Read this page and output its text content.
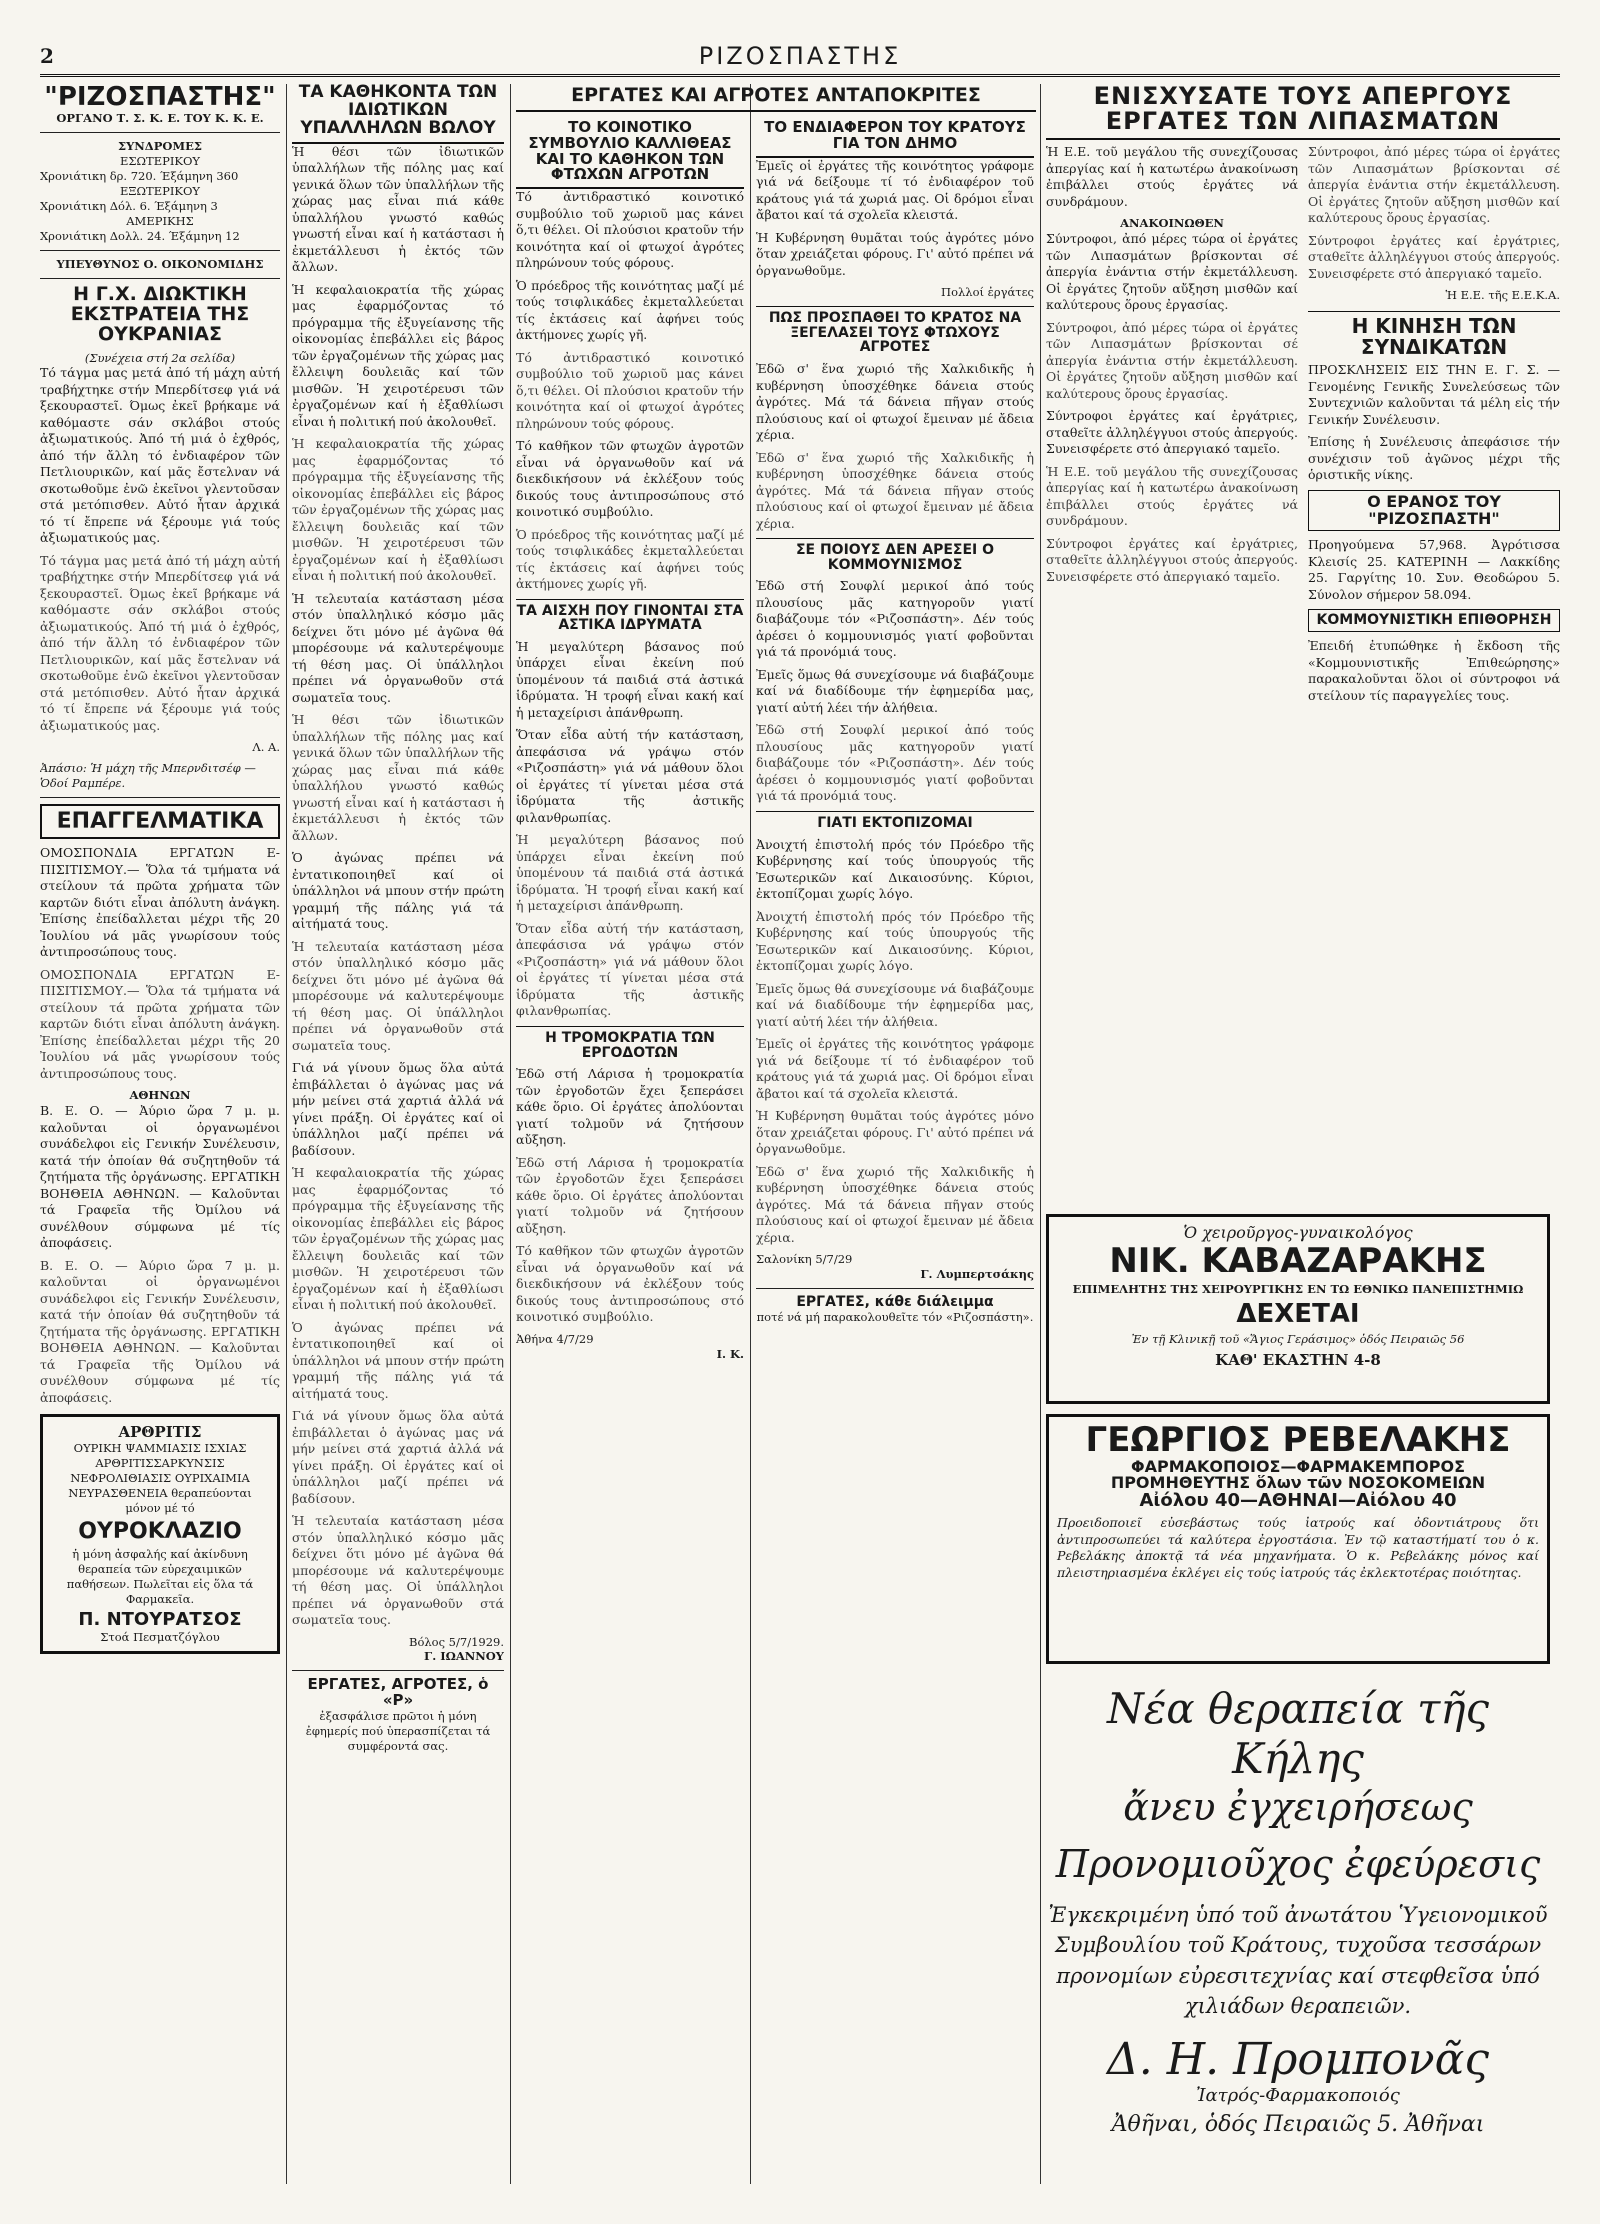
2	ΡΙΖΟΣΠΑΣΤΗΣ
"ΡΙΖΟΣΠΑΣΤΗΣ"
ΟΡΓΑΝΟ Τ. Σ. Κ. Ε. ΤΟΥ Κ. Κ. Ε.
ΣΥΝΔΡΟΜΕΣ
ΕΣΩΤΕΡΙΚΟΥ
Χρονιάτικη δρ. 720. Έξάμηνη 360
ΕΞΩΤΕΡΙΚΟΥ
Χρονιάτικη Δόλ. 6. Έξάμηνη 3
ΑΜΕΡΙΚΗΣ
Χρονιάτικη Δολλ. 24. Έξάμηνη 12
ΥΠΕΥΘΥΝΟΣ Ο. ΟΙΚΟΝΟΜΙΔΗΣ
Η Γ.Χ. ΔΙΩΚΤΙΚΗ ΕΚΣΤΡΑΤΕΙΑ ΤΗΣ ΟΥΚΡΑΝΙΑΣ
(Συνέχεια στή 2α σελίδα)

Τό τάγμα μας μετά ἀπό τή μάχη αὐτή τραβήχτηκε στήν Μπερδίτσεφ γιά νά ξεκουραστεῖ. Όμως ἐκεῖ βρήκαμε νά καθόμαστε σάν σκλάβοι στούς ἀξιωματικούς. Ἀπό τή μιά ὁ ἐχθρός, ἀπό τήν ἄλλη τό ἐνδιαφέρον τῶν Πετλιουρικῶν, καί μᾶς ἔστελναν νά σκοτωθοῦμε ἐνῶ ἐκεῖνοι γλεντοῦσαν στά μετόπισθεν. Αὐτό ἦταν ἀρχικά τό τί ἔπρεπε νά ξέρουμε γιά τούς ἀξιωματικούς μας.

Τό τάγμα μας μετά ἀπό τή μάχη αὐτή τραβήχτηκε στήν Μπερδίτσεφ γιά νά ξεκουραστεῖ. Όμως ἐκεῖ βρήκαμε νά καθόμαστε σάν σκλάβοι στούς ἀξιωματικούς. Ἀπό τή μιά ὁ ἐχθρός, ἀπό τήν ἄλλη τό ἐνδιαφέρον τῶν Πετλιουρικῶν, καί μᾶς ἔστελναν νά σκοτωθοῦμε ἐνῶ ἐκεῖνοι γλεντοῦσαν στά μετόπισθεν. Αὐτό ἦταν ἀρχικά τό τί ἔπρεπε νά ξέρουμε γιά τούς ἀξιωματικούς μας.

Λ. Α.
Ἀπάσιο: Ἡ μάχη τῆς Μπερνδιτσέφ — Ὁδοί Ραμπέρε.
ΕΠΑΓΓΕΛΜΑΤΙΚΑ

ΟΜΟΣΠΟΝΔΙΑ ΕΡΓΑΤΩΝ Ε-ΠΙΣΙΤΙΣΜΟΥ.— Ὅλα τά τμήματα νά στείλουν τά πρῶτα χρήματα τῶν καρτῶν διότι εἶναι ἀπόλυτη ἀνάγκη. Ἐπίσης ἐπείδαλλεται μέχρι τῆς 20 Ἰουλίου νά μᾶς γνωρίσουν τούς ἀντιπροσώπους τους.

ΟΜΟΣΠΟΝΔΙΑ ΕΡΓΑΤΩΝ Ε-ΠΙΣΙΤΙΣΜΟΥ.— Ὅλα τά τμήματα νά στείλουν τά πρῶτα χρήματα τῶν καρτῶν διότι εἶναι ἀπόλυτη ἀνάγκη. Ἐπίσης ἐπείδαλλεται μέχρι τῆς 20 Ἰουλίου νά μᾶς γνωρίσουν τούς ἀντιπροσώπους τους.

ΑΘΗΝΩΝ

Β. Ε. Ο. — Ἀύριο ὥρα 7 μ. μ. καλοῦνται οἱ ὀργανωμένοι συνάδελφοι εἰς Γενικήν Συνέλευσιν, κατά τήν ὁποίαν θά συζητηθοῦν τά ζητήματα τῆς ὀργάνωσης. ΕΡΓΑΤΙΚΗ ΒΟΗΘΕΙΑ ΑΘΗΝΩΝ. — Καλοῦνται τά Γραφεῖα τῆς Ὀμίλου νά συνέλθουν σύμφωνα μέ τίς ἀποφάσεις.

Β. Ε. Ο. — Ἀύριο ὥρα 7 μ. μ. καλοῦνται οἱ ὀργανωμένοι συνάδελφοι εἰς Γενικήν Συνέλευσιν, κατά τήν ὁποίαν θά συζητηθοῦν τά ζητήματα τῆς ὀργάνωσης. ΕΡΓΑΤΙΚΗ ΒΟΗΘΕΙΑ ΑΘΗΝΩΝ. — Καλοῦνται τά Γραφεῖα τῆς Ὀμίλου νά συνέλθουν σύμφωνα μέ τίς ἀποφάσεις.

ΑΡΘΡΙΤΙΣ
ΟΥΡΙΚΗ ΨΑΜΜΙΑΣΙΣ ΙΣΧΙΑΣ ΑΡΘΡΙΤΙΣΣΑΡΚΥΝΣΙΣ ΝΕΦΡΟΛΙΘΙΑΣΙΣ ΟΥΡΙΧΑΙΜΙΑ ΝΕΥΡΑΣΘΕΝΕΙΑ θεραπεύονται μόνον μέ τό
ΟΥΡΟΚΛΑΖΙΟ
ἡ μόνη ἀσφαλής καί ἀκίνδυνη θεραπεία τῶν εὐρεχαιμικῶν παθήσεων. Πωλεῖται εἰς ὅλα τά Φαρμακεῖα.
Π. ΝΤΟΥΡΑΤΣΟΣ
Στοά Πεσματζόγλου
ΤΑ ΚΑΘΗΚΟΝΤΑ ΤΩΝ ΙΔΙΩΤΙΚΩΝ ΥΠΑΛΛΗΛΩΝ ΒΩΛΟΥ

Ἡ θέσι τῶν ἰδιωτικῶν ὑπαλλήλων τῆς πόλης μας καί γενικά ὅλων τῶν ὑπαλλήλων τῆς χώρας μας εἶναι πιά κάθε ὑπαλλήλου γνωστό καθώς γνωστή εἶναι καί ἡ κατάστασι ἡ ἐκμετάλλευσι ἡ ἐκτός τῶν ἄλλων.

Ἡ κεφαλαιοκρατία τῆς χώρας μας ἐφαρμόζοντας τό πρόγραμμα τῆς ἐξυγείανσης τῆς οἰκονομίας ἐπεβάλλει εἰς βάρος τῶν ἐργαζομένων τῆς χώρας μας ἔλλειψη δουλειᾶς καί τῶν μισθῶν. Ἡ χειροτέρευσι τῶν ἐργαζομένων καί ἡ ἐξαθλίωσι εἶναι ἡ πολιτική πού ἀκολουθεῖ.

Ἡ κεφαλαιοκρατία τῆς χώρας μας ἐφαρμόζοντας τό πρόγραμμα τῆς ἐξυγείανσης τῆς οἰκονομίας ἐπεβάλλει εἰς βάρος τῶν ἐργαζομένων τῆς χώρας μας ἔλλειψη δουλειᾶς καί τῶν μισθῶν. Ἡ χειροτέρευσι τῶν ἐργαζομένων καί ἡ ἐξαθλίωσι εἶναι ἡ πολιτική πού ἀκολουθεῖ.

Ἡ τελευταία κατάσταση μέσα στόν ὑπαλληλικό κόσμο μᾶς δείχνει ὅτι μόνο μέ ἀγῶνα θά μπορέσουμε νά καλυτερέψουμε τή θέση μας. Οἱ ὑπάλληλοι πρέπει νά ὀργανωθοῦν στά σωματεῖα τους.

Ἡ θέσι τῶν ἰδιωτικῶν ὑπαλλήλων τῆς πόλης μας καί γενικά ὅλων τῶν ὑπαλλήλων τῆς χώρας μας εἶναι πιά κάθε ὑπαλλήλου γνωστό καθώς γνωστή εἶναι καί ἡ κατάστασι ἡ ἐκμετάλλευσι ἡ ἐκτός τῶν ἄλλων.

Ὁ ἀγώνας πρέπει νά ἐντατικοποιηθεῖ καί οἱ ὑπάλληλοι νά μπουν στήν πρώτη γραμμή τῆς πάλης γιά τά αἰτήματά τους.

Ἡ τελευταία κατάσταση μέσα στόν ὑπαλληλικό κόσμο μᾶς δείχνει ὅτι μόνο μέ ἀγῶνα θά μπορέσουμε νά καλυτερέψουμε τή θέση μας. Οἱ ὑπάλληλοι πρέπει νά ὀργανωθοῦν στά σωματεῖα τους.

Γιά νά γίνουν ὅμως ὅλα αὐτά ἐπιβάλλεται ὁ ἀγώνας μας νά μήν μείνει στά χαρτιά ἀλλά νά γίνει πράξη. Οἱ ἐργάτες καί οἱ ὑπάλληλοι μαζί πρέπει νά βαδίσουν.

Ἡ κεφαλαιοκρατία τῆς χώρας μας ἐφαρμόζοντας τό πρόγραμμα τῆς ἐξυγείανσης τῆς οἰκονομίας ἐπεβάλλει εἰς βάρος τῶν ἐργαζομένων τῆς χώρας μας ἔλλειψη δουλειᾶς καί τῶν μισθῶν. Ἡ χειροτέρευσι τῶν ἐργαζομένων καί ἡ ἐξαθλίωσι εἶναι ἡ πολιτική πού ἀκολουθεῖ.

Ὁ ἀγώνας πρέπει νά ἐντατικοποιηθεῖ καί οἱ ὑπάλληλοι νά μπουν στήν πρώτη γραμμή τῆς πάλης γιά τά αἰτήματά τους.

Γιά νά γίνουν ὅμως ὅλα αὐτά ἐπιβάλλεται ὁ ἀγώνας μας νά μήν μείνει στά χαρτιά ἀλλά νά γίνει πράξη. Οἱ ἐργάτες καί οἱ ὑπάλληλοι μαζί πρέπει νά βαδίσουν.

Ἡ τελευταία κατάσταση μέσα στόν ὑπαλληλικό κόσμο μᾶς δείχνει ὅτι μόνο μέ ἀγῶνα θά μπορέσουμε νά καλυτερέψουμε τή θέση μας. Οἱ ὑπάλληλοι πρέπει νά ὀργανωθοῦν στά σωματεῖα τους.

Βόλος 5/7/1929.
Γ. ΙΩΑΝΝΟΥ
ΕΡΓΑΤΕΣ, ΑΓΡΟΤΕΣ, ὁ «Ρ»
ἐξασφάλισε πρῶτοι ἡ μόνη ἐφημερίς πού ὑπερασπίζεται τά συμφέροντά σας.
ΕΡΓΑΤΕΣ ΚΑΙ ΑΓΡΟΤΕΣ ΑΝΤΑΠΟΚΡΙΤΕΣ
ΤΟ ΚΟΙΝΟΤΙΚΟ ΣΥΜΒΟΥΛΙΟ ΚΑΛΛΙΘΕΑΣ ΚΑΙ ΤΟ ΚΑΘΗΚΟΝ ΤΩΝ ΦΤΩΧΩΝ ΑΓΡΟΤΩΝ

Τό ἀντιδραστικό κοινοτικό συμβούλιο τοῦ χωριοῦ μας κάνει ὅ,τι θέλει. Οἱ πλούσιοι κρατοῦν τήν κοινότητα καί οἱ φτωχοί ἀγρότες πληρώνουν τούς φόρους.

Ὁ πρόεδρος τῆς κοινότητας μαζί μέ τούς τσιφλικάδες ἐκμεταλλεύεται τίς ἐκτάσεις καί ἀφήνει τούς ἀκτήμονες χωρίς γῆ.

Τό ἀντιδραστικό κοινοτικό συμβούλιο τοῦ χωριοῦ μας κάνει ὅ,τι θέλει. Οἱ πλούσιοι κρατοῦν τήν κοινότητα καί οἱ φτωχοί ἀγρότες πληρώνουν τούς φόρους.

Τό καθῆκον τῶν φτωχῶν ἀγροτῶν εἶναι νά ὀργανωθοῦν καί νά διεκδικήσουν νά ἐκλέξουν τούς δικούς τους ἀντιπροσώπους στό κοινοτικό συμβούλιο.

Ὁ πρόεδρος τῆς κοινότητας μαζί μέ τούς τσιφλικάδες ἐκμεταλλεύεται τίς ἐκτάσεις καί ἀφήνει τούς ἀκτήμονες χωρίς γῆ.

ΤΑ ΑΙΣΧΗ ΠΟΥ ΓΙΝΟΝΤΑΙ ΣΤΑ ΑΣΤΙΚΑ ΙΔΡΥΜΑΤΑ

Ἡ μεγαλύτερη βάσανος πού ὑπάρχει εἶναι ἐκείνη πού ὑπομένουν τά παιδιά στά ἀστικά ἱδρύματα. Ἡ τροφή εἶναι κακή καί ἡ μεταχείρισι ἀπάνθρωπη.

Ὅταν εἶδα αὐτή τήν κατάσταση, ἀπεφάσισα νά γράψω στόν «Ριζοσπάστη» γιά νά μάθουν ὅλοι οἱ ἐργάτες τί γίνεται μέσα στά ἱδρύματα τῆς ἀστικῆς φιλανθρωπίας.

Ἡ μεγαλύτερη βάσανος πού ὑπάρχει εἶναι ἐκείνη πού ὑπομένουν τά παιδιά στά ἀστικά ἱδρύματα. Ἡ τροφή εἶναι κακή καί ἡ μεταχείρισι ἀπάνθρωπη.

Ὅταν εἶδα αὐτή τήν κατάσταση, ἀπεφάσισα νά γράψω στόν «Ριζοσπάστη» γιά νά μάθουν ὅλοι οἱ ἐργάτες τί γίνεται μέσα στά ἱδρύματα τῆς ἀστικῆς φιλανθρωπίας.

Η ΤΡΟΜΟΚΡΑΤΙΑ ΤΩΝ ΕΡΓΟΔΟΤΩΝ

Ἐδῶ στή Λάρισα ἡ τρομοκρατία τῶν ἐργοδοτῶν ἔχει ξεπεράσει κάθε ὅριο. Οἱ ἐργάτες ἀπολύονται γιατί τολμοῦν νά ζητήσουν αὔξηση.

Ἐδῶ στή Λάρισα ἡ τρομοκρατία τῶν ἐργοδοτῶν ἔχει ξεπεράσει κάθε ὅριο. Οἱ ἐργάτες ἀπολύονται γιατί τολμοῦν νά ζητήσουν αὔξηση.

Τό καθῆκον τῶν φτωχῶν ἀγροτῶν εἶναι νά ὀργανωθοῦν καί νά διεκδικήσουν νά ἐκλέξουν τούς δικούς τους ἀντιπροσώπους στό κοινοτικό συμβούλιο.

Ἀθήνα 4/7/29
Ι. Κ.
ΤΟ ΕΝΔΙΑΦΕΡΟΝ ΤΟΥ ΚΡΑΤΟΥΣ ΓΙΑ ΤΟΝ ΔΗΜΟ

Ἐμεῖς οἱ ἐργάτες τῆς κοινότητος γράφομε γιά νά δείξουμε τί τό ἐνδιαφέρον τοῦ κράτους γιά τά χωριά μας. Οἱ δρόμοι εἶναι ἄβατοι καί τά σχολεῖα κλειστά.

Ἡ Κυβέρνηση θυμᾶται τούς ἀγρότες μόνο ὅταν χρειάζεται φόρους. Γι' αὐτό πρέπει νά ὀργανωθοῦμε.

Πολλοί ἐργάτες
ΠΩΣ ΠΡΟΣΠΑΘΕΙ ΤΟ ΚΡΑΤΟΣ ΝΑ ΞΕΓΕΛΑΣΕΙ ΤΟΥΣ ΦΤΩΧΟΥΣ ΑΓΡΟΤΕΣ

Ἐδῶ σ' ἕνα χωριό τῆς Χαλκιδικῆς ἡ κυβέρνηση ὑποσχέθηκε δάνεια στούς ἀγρότες. Μά τά δάνεια πῆγαν στούς πλούσιους καί οἱ φτωχοί ἔμειναν μέ ἄδεια χέρια.

Ἐδῶ σ' ἕνα χωριό τῆς Χαλκιδικῆς ἡ κυβέρνηση ὑποσχέθηκε δάνεια στούς ἀγρότες. Μά τά δάνεια πῆγαν στούς πλούσιους καί οἱ φτωχοί ἔμειναν μέ ἄδεια χέρια.

ΣΕ ΠΟΙΟΥΣ ΔΕΝ ΑΡΕΣΕΙ Ο ΚΟΜΜΟΥΝΙΣΜΟΣ

Ἐδῶ στή Σουφλί μερικοί ἀπό τούς πλουσίους μᾶς κατηγοροῦν γιατί διαβάζουμε τόν «Ριζοσπάστη». Δέν τούς ἀρέσει ὁ κομμουνισμός γιατί φοβοῦνται γιά τά προνόμιά τους.

Ἐμεῖς ὅμως θά συνεχίσουμε νά διαβάζουμε καί νά διαδίδουμε τήν ἐφημερίδα μας, γιατί αὐτή λέει τήν ἀλήθεια.

Ἐδῶ στή Σουφλί μερικοί ἀπό τούς πλουσίους μᾶς κατηγοροῦν γιατί διαβάζουμε τόν «Ριζοσπάστη». Δέν τούς ἀρέσει ὁ κομμουνισμός γιατί φοβοῦνται γιά τά προνόμιά τους.

ΓΙΑΤΙ ΕΚΤΟΠΙΖΟΜΑΙ

Ἀνοιχτή ἐπιστολή πρός τόν Πρόεδρο τῆς Κυβέρνησης καί τούς ὑπουργούς τῆς Ἐσωτερικῶν καί Δικαιοσύνης. Κύριοι, ἐκτοπίζομαι χωρίς λόγο.

Ἀνοιχτή ἐπιστολή πρός τόν Πρόεδρο τῆς Κυβέρνησης καί τούς ὑπουργούς τῆς Ἐσωτερικῶν καί Δικαιοσύνης. Κύριοι, ἐκτοπίζομαι χωρίς λόγο.

Ἐμεῖς ὅμως θά συνεχίσουμε νά διαβάζουμε καί νά διαδίδουμε τήν ἐφημερίδα μας, γιατί αὐτή λέει τήν ἀλήθεια.

Ἐμεῖς οἱ ἐργάτες τῆς κοινότητος γράφομε γιά νά δείξουμε τί τό ἐνδιαφέρον τοῦ κράτους γιά τά χωριά μας. Οἱ δρόμοι εἶναι ἄβατοι καί τά σχολεῖα κλειστά.

Ἡ Κυβέρνηση θυμᾶται τούς ἀγρότες μόνο ὅταν χρειάζεται φόρους. Γι' αὐτό πρέπει νά ὀργανωθοῦμε.

Ἐδῶ σ' ἕνα χωριό τῆς Χαλκιδικῆς ἡ κυβέρνηση ὑποσχέθηκε δάνεια στούς ἀγρότες. Μά τά δάνεια πῆγαν στούς πλούσιους καί οἱ φτωχοί ἔμειναν μέ ἄδεια χέρια.

Σαλονίκη 5/7/29
Γ. Λυμπερτσάκης
ΕΡΓΑΤΕΣ, κάθε διάλειμμα
ποτέ νά μή παρακολουθεῖτε τόν «Ριζοσπάστη».
ΕΝΙΣΧΥΣΑΤΕ ΤΟΥΣ ΑΠΕΡΓΟΥΣ ΕΡΓΑΤΕΣ ΤΩΝ ΛΙΠΑΣΜΑΤΩΝ

Ἡ Ε.Ε. τοῦ μεγάλου τῆς συνεχίζουσας ἀπεργίας καί ἡ κατωτέρω ἀνακοίνωση ἐπιβάλλει στούς ἐργάτες νά συνδράμουν.

ΑΝΑΚΟΙΝΩΘΕΝ

Σύντροφοι, ἀπό μέρες τώρα οἱ ἐργάτες τῶν Λιπασμάτων βρίσκονται σέ ἀπεργία ἐνάντια στήν ἐκμετάλλευση. Οἱ ἐργάτες ζητοῦν αὔξηση μισθῶν καί καλύτερους ὅρους ἐργασίας.

Σύντροφοι, ἀπό μέρες τώρα οἱ ἐργάτες τῶν Λιπασμάτων βρίσκονται σέ ἀπεργία ἐνάντια στήν ἐκμετάλλευση. Οἱ ἐργάτες ζητοῦν αὔξηση μισθῶν καί καλύτερους ὅρους ἐργασίας.

Σύντροφοι ἐργάτες καί ἐργάτριες, σταθεῖτε ἀλληλέγγυοι στούς ἀπεργούς. Συνεισφέρετε στό ἀπεργιακό ταμεῖο.

Ἡ Ε.Ε. τοῦ μεγάλου τῆς συνεχίζουσας ἀπεργίας καί ἡ κατωτέρω ἀνακοίνωση ἐπιβάλλει στούς ἐργάτες νά συνδράμουν.

Σύντροφοι ἐργάτες καί ἐργάτριες, σταθεῖτε ἀλληλέγγυοι στούς ἀπεργούς. Συνεισφέρετε στό ἀπεργιακό ταμεῖο.

Σύντροφοι, ἀπό μέρες τώρα οἱ ἐργάτες τῶν Λιπασμάτων βρίσκονται σέ ἀπεργία ἐνάντια στήν ἐκμετάλλευση. Οἱ ἐργάτες ζητοῦν αὔξηση μισθῶν καί καλύτερους ὅρους ἐργασίας.

Σύντροφοι ἐργάτες καί ἐργάτριες, σταθεῖτε ἀλληλέγγυοι στούς ἀπεργούς. Συνεισφέρετε στό ἀπεργιακό ταμεῖο.

Ἡ Ε.Ε. τῆς Ε.Ε.Κ.Α.
Η ΚΙΝΗΣΗ ΤΩΝ ΣΥΝΔΙΚΑΤΩΝ

ΠΡΟΣΚΛΗΣΕΙΣ ΕΙΣ ΤΗΝ Ε. Γ. Σ. — Γενομένης Γενικῆς Συνελεύσεως τῶν Συντεχνιῶν καλοῦνται τά μέλη εἰς τήν Γενικήν Συνέλευσιν.

Ἐπίσης ἡ Συνέλευσις ἀπεφάσισε τήν συνέχισιν τοῦ ἀγῶνος μέχρι τῆς ὁριστικῆς νίκης.

Ο ΕΡΑΝΟΣ ΤΟΥ "ΡΙΖΟΣΠΑΣΤΗ"

Προηγούμενα 57,968. Ἀγρότισσα Κλεισίς 25. ΚΑΤΕΡΙΝΗ — Λακκίδης 25. Γαργίτης 10. Συν. Θεοδώρου 5. Σύνολον σήμερον 58.094.

ΚΟΜΜΟΥΝΙΣΤΙΚΗ ΕΠΙΘΟΡΗΣΗ

Ἐπειδή ἐτυπώθηκε ἡ ἔκδοση τῆς «Κομμουνιστικῆς Ἐπιθεώρησης» παρακαλοῦνται ὅλοι οἱ σύντροφοι νά στείλουν τίς παραγγελίες τους.

Ὁ χειροῦργος-γυναικολόγος
ΝΙΚ. ΚΑΒΑΖΑΡΑΚΗΣ
ΕΠΙΜΕΛΗΤΗΣ ΤΗΣ ΧΕΙΡΟΥΡΓΙΚΗΣ ΕΝ ΤΩ ΕΘΝΙΚΩ ΠΑΝΕΠΙΣΤΗΜΙΩ
ΔΕΧΕΤΑΙ
Ἐν τῇ Κλινικῇ τοῦ «Ἅγιος Γεράσιμος» ὁδός Πειραιῶς 56
ΚΑΘ' ΕΚΑΣΤΗΝ 4-8
ΓΕΩΡΓΙΟΣ ΡΕΒΕΛΑΚΗΣ
ΦΑΡΜΑΚΟΠΟΙΟΣ—ΦΑΡΜΑΚΕΜΠΟΡΟΣ
ΠΡΟΜΗΘΕΥΤΗΣ ὅλων τῶν ΝΟΣΟΚΟΜΕΙΩΝ
Αἰόλου 40—ΑΘΗΝΑΙ—Αἰόλου 40

Προειδοποιεῖ εὐσεβάστως τούς ἰατρούς καί ὀδοντιάτρους ὅτι ἀντιπροσωπεύει τά καλύτερα ἐργοστάσια. Ἐν τῷ καταστήματί του ὁ κ. Ρεβελάκης ἀποκτᾷ τά νέα μηχανήματα. Ὁ κ. Ρεβελάκης μόνος καί πλειστηριασμένα ἐκλέγει εἰς τούς ἰατρούς τάς ἐκλεκτοτέρας ποιότητας.

Νέα θεραπεία τῆς Κήλης
ἄνευ ἐγχειρήσεως
Προνομιοῦχος ἐφεύρεσις
Ἐγκεκριμένη ὑπό τοῦ ἀνωτάτου Ὑγειονομικοῦ Συμβουλίου τοῦ Κράτους, τυχοῦσα τεσσάρων προνομίων εὐρεσιτεχνίας καί στεφθεῖσα ὑπό χιλιάδων θεραπειῶν.
Δ. Η. Προμπονᾶς
Ἰατρός-Φαρμακοποιός
Ἀθῆναι, ὁδός Πειραιῶς 5. Ἀθῆναι
